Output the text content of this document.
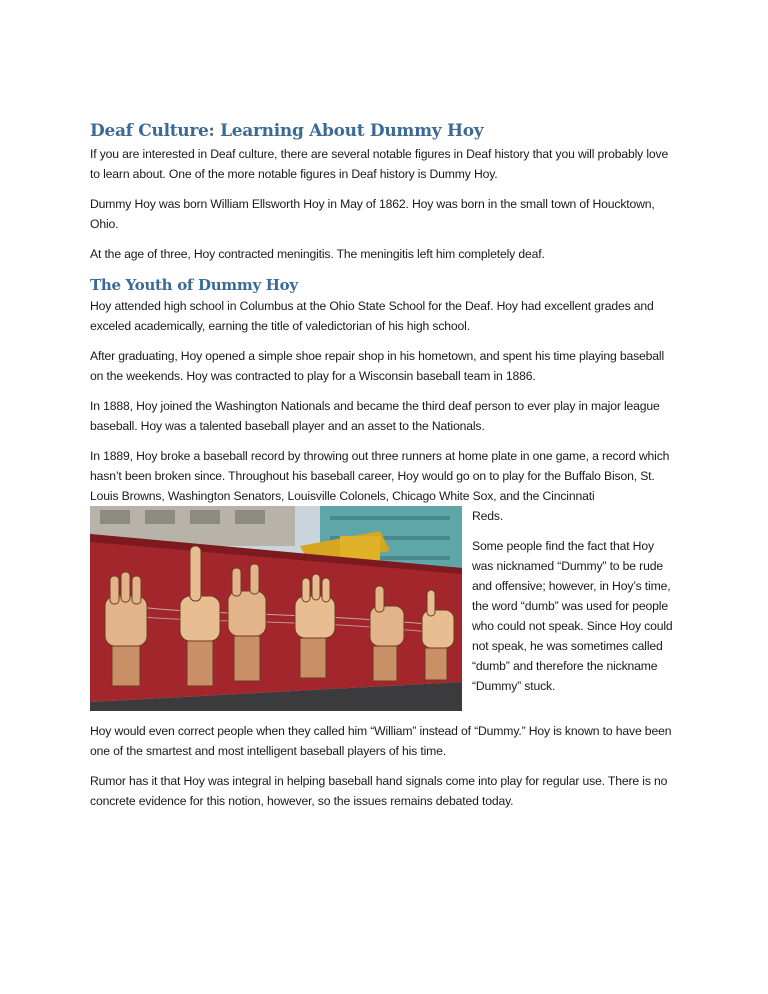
Deaf Culture: Learning About Dummy Hoy

If you are interested in Deaf culture, there are several notable figures in Deaf history that you will probably love to learn about. One of the more notable figures in Deaf history is Dummy Hoy.

Dummy Hoy was born William Ellsworth Hoy in May of 1862. Hoy was born in the small town of Houcktown, Ohio.

At the age of three, Hoy contracted meningitis. The meningitis left him completely deaf.

The Youth of Dummy Hoy

Hoy attended high school in Columbus at the Ohio State School for the Deaf. Hoy had excellent grades and exceled academically, earning the title of valedictorian of his high school.

After graduating, Hoy opened a simple shoe repair shop in his hometown, and spent his time playing baseball on the weekends. Hoy was contracted to play for a Wisconsin baseball team in 1886.

In 1888, Hoy joined the Washington Nationals and became the third deaf person to ever play in major league baseball. Hoy was a talented baseball player and an asset to the Nationals.

In 1889, Hoy broke a baseball record by throwing out three runners at home plate in one game, a record which hasn’t been broken since. Throughout his baseball career, Hoy would go on to play for the Buffalo Bison, St. Louis Browns, Washington Senators, Louisville Colonels, Chicago White Sox, and the Cincinnati

Reds.

Some people find the fact that Hoy was nicknamed “Dummy” to be rude and offensive; however, in Hoy’s time, the word “dumb” was used for people who could not speak. Since Hoy could not speak, he was sometimes called “dumb” and therefore the nickname “Dummy” stuck.

Hoy would even correct people when they called him “William” instead of “Dummy.” Hoy is known to have been one of the smartest and most intelligent baseball players of his time.

Rumor has it that Hoy was integral in helping baseball hand signals come into play for regular use. There is no concrete evidence for this notion, however, so the issues remains debated today.
